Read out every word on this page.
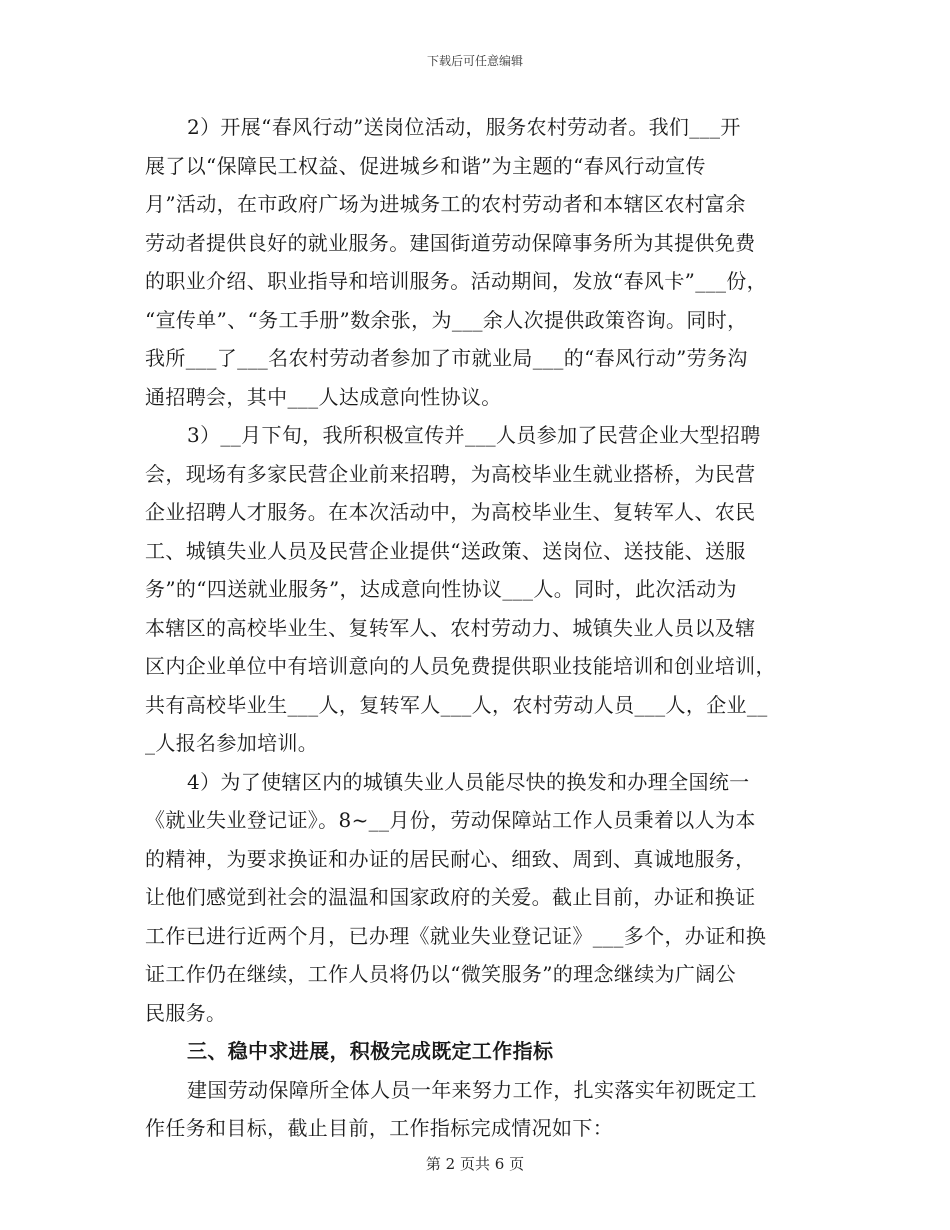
下载后可任意编辑
2）开展“春风行动”送岗位活动，服务农村劳动者。我们___开
展了以“保障民工权益、促进城乡和谐”为主题的“春风行动宣传
月”活动，在市政府广场为进城务工的农村劳动者和本辖区农村富余
劳动者提供良好的就业服务。建国街道劳动保障事务所为其提供免费
的职业介绍、职业指导和培训服务。活动期间，发放“春风卡”___份，
“宣传单”、“务工手册”数余张，为___余人次提供政策咨询。同时，
我所___了___名农村劳动者参加了市就业局___的“春风行动”劳务沟
通招聘会，其中___人达成意向性协议。
3）__月下旬，我所积极宣传并___人员参加了民营企业大型招聘
会，现场有多家民营企业前来招聘，为高校毕业生就业搭桥，为民营
企业招聘人才服务。在本次活动中，为高校毕业生、复转军人、农民
工、城镇失业人员及民营企业提供“送政策、送岗位、送技能、送服
务”的“四送就业服务”，达成意向性协议___人。同时，此次活动为
本辖区的高校毕业生、复转军人、农村劳动力、城镇失业人员以及辖
区内企业单位中有培训意向的人员免费提供职业技能培训和创业培训，
共有高校毕业生___人，复转军人___人，农村劳动人员___人，企业__
_人报名参加培训。
4）为了使辖区内的城镇失业人员能尽快的换发和办理全国统一
《就业失业登记证》。8~__月份，劳动保障站工作人员秉着以人为本
的精神，为要求换证和办证的居民耐心、细致、周到、真诚地服务，
让他们感觉到社会的温温和国家政府的关爱。截止目前，办证和换证
工作已进行近两个月，已办理《就业失业登记证》___多个，办证和换
证工作仍在继续，工作人员将仍以“微笑服务”的理念继续为广阔公
民服务。
三、稳中求进展，积极完成既定工作指标
建国劳动保障所全体人员一年来努力工作，扎实落实年初既定工
作任务和目标，截止目前，工作指标完成情况如下：
第 2 页共 6 页
